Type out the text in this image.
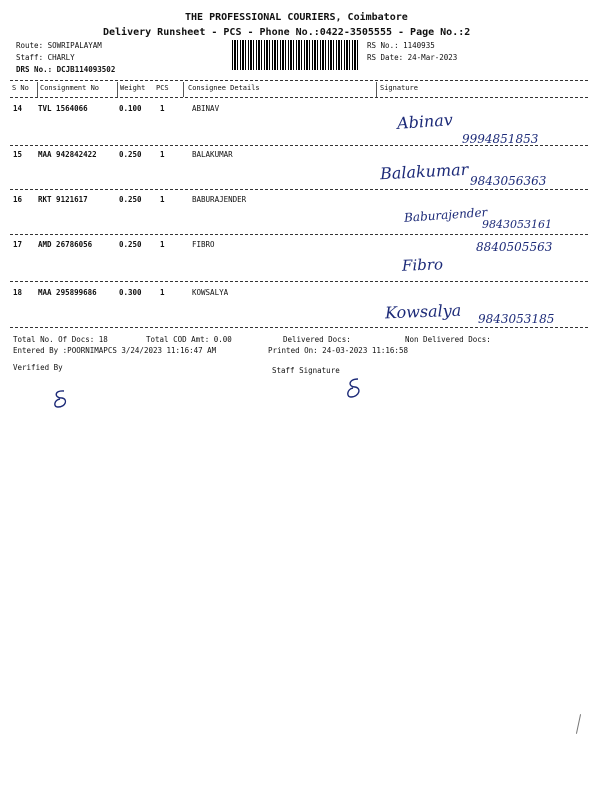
THE PROFESSIONAL COURIERS, Coimbatore
Delivery Runsheet - PCS - Phone No.:0422-3505555 - Page No.:2
Route: SOWRIPALAYAM
Staff: CHARLY
DRS No.: DCJB114093502
RS No.: 1140935
RS Date: 24-Mar-2023
S No Consignment No	Weight PCS	Consignee Details	Signature
14 TVL 1564066	0.100 1	ABINAV
Abinav
9994851853
15 MAA 942842422	0.250 1	BALAKUMAR
Balakumar 9843056363
16 RKT 9121617	0.250 1	BABURAJENDER
Baburajender
9843053161
17 AMD 26786056	0.250 1	FIBRO
Fibro
8840505563
18 MAA 295899686	0.300 1	KOWSALYA
Kowsalya 9843053185
Total No. Of Docs: 18	Total COD Amt: 0.00	Delivered Docs:	Non Delivered Docs:
Entered By :POORNIMAPCS 3/24/2023 11:16:47 AM	Printed On: 24-03-2023 11:16:58
Verified By	Staff Signature
